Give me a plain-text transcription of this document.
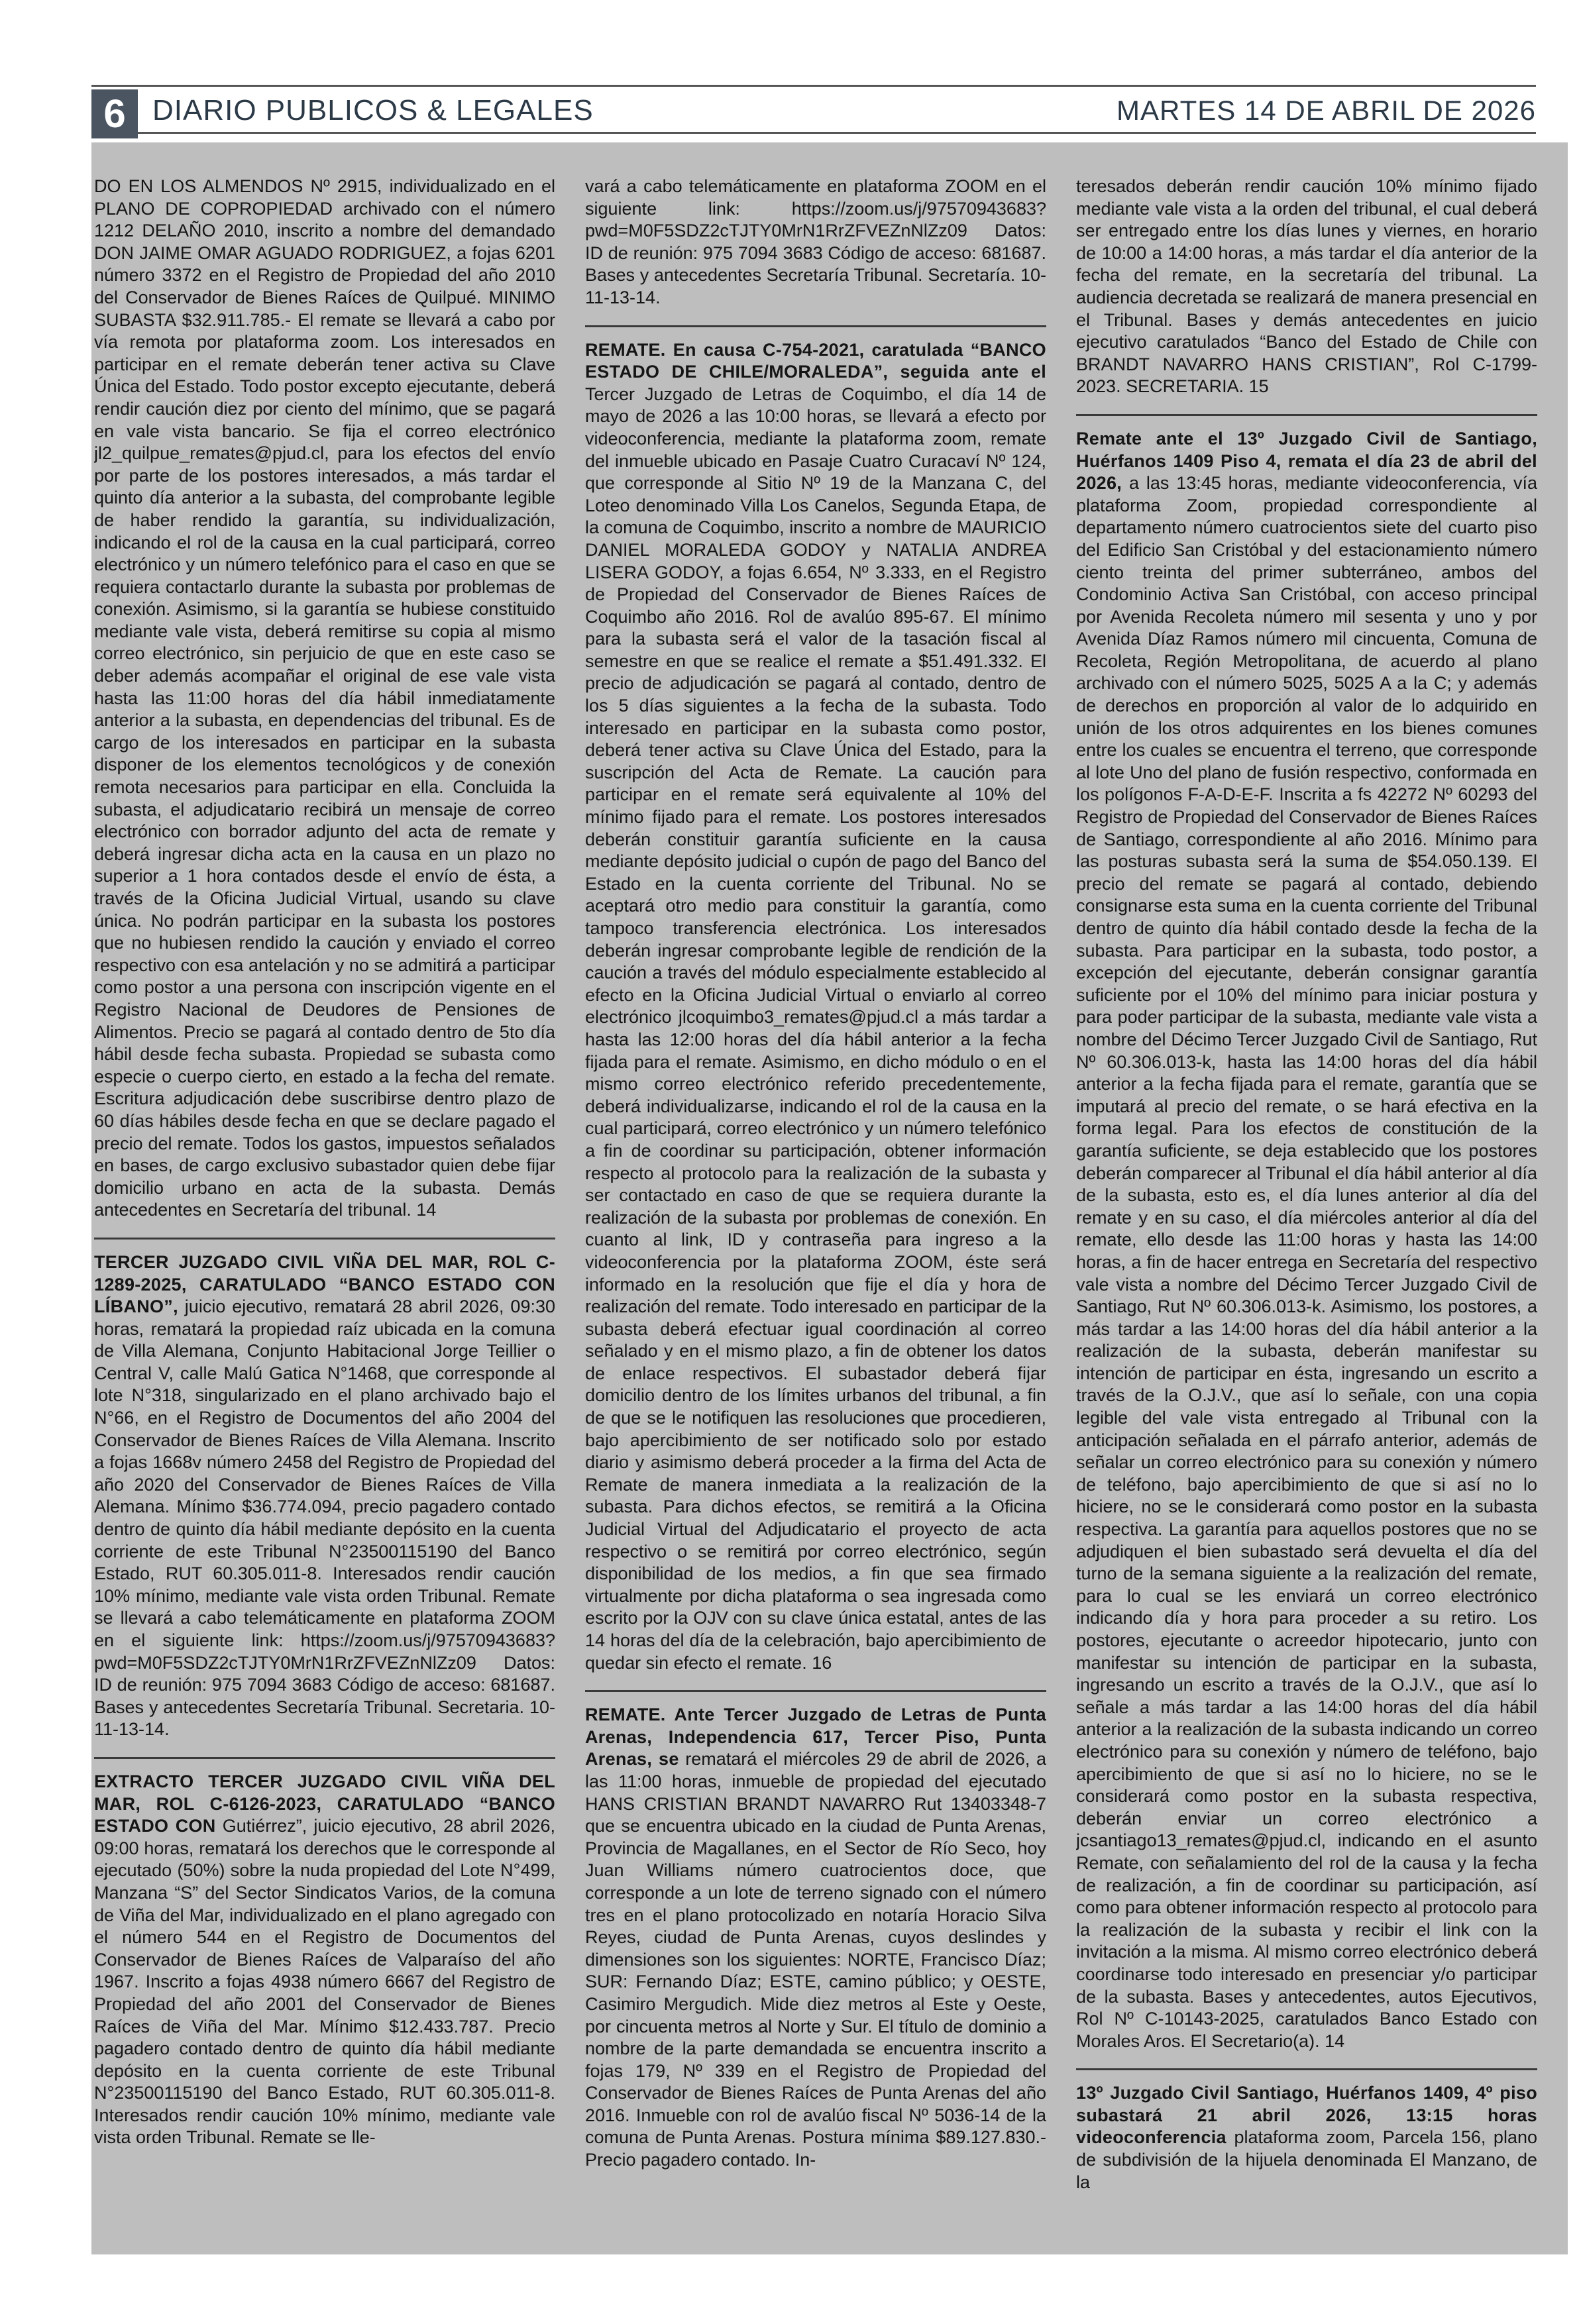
6 DIARIO PUBLICOS & LEGALES	MARTES 14 DE ABRIL DE 2026

DO EN LOS ALMENDOS Nº 2915, individualizado en el PLANO DE COPROPIEDAD archivado con el número 1212 DELAÑO 2010, inscrito a nombre del demandado DON JAIME OMAR AGUADO RODRIGUEZ, a fojas 6201 número 3372 en el Registro de Propiedad del año 2010 del Conservador de Bienes Raíces de Quilpué. MINIMO SUBASTA $32.911.785.- El remate se llevará a cabo por vía remota por plataforma zoom. Los interesados en participar en el remate deberán tener activa su Clave Única del Estado. Todo postor excepto ejecutante, deberá rendir caución diez por ciento del mínimo, que se pagará en vale vista bancario. Se fija el correo electrónico jl2_quilpue_remates@pjud.cl, para los efectos del envío por parte de los postores interesados, a más tardar el quinto día anterior a la subasta, del comprobante legible de haber rendido la garantía, su individualización, indicando el rol de la causa en la cual participará, correo electrónico y un número telefónico para el caso en que se requiera contactarlo durante la subasta por problemas de conexión. Asimismo, si la garantía se hubiese constituido mediante vale vista, deberá remitirse su copia al mismo correo electrónico, sin perjuicio de que en este caso se deber además acompañar el original de ese vale vista hasta las 11:00 horas del día hábil inmediatamente anterior a la subasta, en dependencias del tribunal. Es de cargo de los interesados en participar en la subasta disponer de los elementos tecnológicos y de conexión remota necesarios para participar en ella. Concluida la subasta, el adjudicatario recibirá un mensaje de correo electrónico con borrador adjunto del acta de remate y deberá ingresar dicha acta en la causa en un plazo no superior a 1 hora contados desde el envío de ésta, a través de la Oficina Judicial Virtual, usando su clave única. No podrán participar en la subasta los postores que no hubiesen rendido la caución y enviado el correo respectivo con esa antelación y no se admitirá a participar como postor a una persona con inscripción vigente en el Registro Nacional de Deudores de Pensiones de Alimentos. Precio se pagará al contado dentro de 5to día hábil desde fecha subasta. Propiedad se subasta como especie o cuerpo cierto, en estado a la fecha del remate. Escritura adjudicación debe suscribirse dentro plazo de 60 días hábiles desde fecha en que se declare pagado el precio del remate. Todos los gastos, impuestos señalados en bases, de cargo exclusivo subastador quien debe fijar domicilio urbano en acta de la subasta. Demás antecedentes en Secretaría del tribunal. 14

TERCER JUZGADO CIVIL VIÑA DEL MAR, ROL C-1289-2025, CARATULADO “BANCO ESTADO CON LÍBANO”, juicio ejecutivo, rematará 28 abril 2026, 09:30 horas, rematará la propiedad raíz ubicada en la comuna de Villa Alemana, Conjunto Habitacional Jorge Teillier o Central V, calle Malú Gatica N°1468, que corresponde al lote N°318, singularizado en el plano archivado bajo el N°66, en el Registro de Documentos del año 2004 del Conservador de Bienes Raíces de Villa Alemana. Inscrito a fojas 1668v número 2458 del Registro de Propiedad del año 2020 del Conservador de Bienes Raíces de Villa Alemana. Mínimo $36.774.094, precio pagadero contado dentro de quinto día hábil mediante depósito en la cuenta corriente de este Tribunal N°23500115190 del Banco Estado, RUT 60.305.011-8. Interesados rendir caución 10% mínimo, mediante vale vista orden Tribunal. Remate se llevará a cabo telemáticamente en plataforma ZOOM en el siguiente link: https://zoom.us/j/97570943683?pwd=M0F5SDZ2cTJTY0MrN1RrZFVEZnNlZz09 Datos: ID de reunión: 975 7094 3683 Código de acceso: 681687. Bases y antecedentes Secretaría Tribunal. Secretaria. 10-11-13-14.

EXTRACTO TERCER JUZGADO CIVIL VIÑA DEL MAR, ROL C-6126-2023, CARATULADO “BANCO ESTADO CON Gutiérrez”, juicio ejecutivo, 28 abril 2026, 09:00 horas, rematará los derechos que le corresponde al ejecutado (50%) sobre la nuda propiedad del Lote N°499, Manzana “S” del Sector Sindicatos Varios, de la comuna de Viña del Mar, individualizado en el plano agregado con el número 544 en el Registro de Documentos del Conservador de Bienes Raíces de Valparaíso del año 1967. Inscrito a fojas 4938 número 6667 del Registro de Propiedad del año 2001 del Conservador de Bienes Raíces de Viña del Mar. Mínimo $12.433.787. Precio pagadero contado dentro de quinto día hábil mediante depósito en la cuenta corriente de este Tribunal N°23500115190 del Banco Estado, RUT 60.305.011-8. Interesados rendir caución 10% mínimo, mediante vale vista orden Tribunal. Remate se lle-

vará a cabo telemáticamente en plataforma ZOOM en el siguiente link: https://zoom.us/j/97570943683?pwd=M0F5SDZ2cTJTY0MrN1RrZFVEZnNlZz09 Datos: ID de reunión: 975 7094 3683 Código de acceso: 681687. Bases y antecedentes Secretaría Tribunal. Secretaría. 10-11-13-14.

REMATE. En causa C-754-2021, caratulada “BANCO ESTADO DE CHILE/MORALEDA”, seguida ante el Tercer Juzgado de Letras de Coquimbo, el día 14 de mayo de 2026 a las 10:00 horas, se llevará a efecto por videoconferencia, mediante la plataforma zoom, remate del inmueble ubicado en Pasaje Cuatro Curacaví Nº 124, que corresponde al Sitio Nº 19 de la Manzana C, del Loteo denominado Villa Los Canelos, Segunda Etapa, de la comuna de Coquimbo, inscrito a nombre de MAURICIO DANIEL MORALEDA GODOY y NATALIA ANDREA LISERA GODOY, a fojas 6.654, Nº 3.333, en el Registro de Propiedad del Conservador de Bienes Raíces de Coquimbo año 2016. Rol de avalúo 895-67. El mínimo para la subasta será el valor de la tasación fiscal al semestre en que se realice el remate a $51.491.332. El precio de adjudicación se pagará al contado, dentro de los 5 días siguientes a la fecha de la subasta. Todo interesado en participar en la subasta como postor, deberá tener activa su Clave Única del Estado, para la suscripción del Acta de Remate. La caución para participar en el remate será equivalente al 10% del mínimo fijado para el remate. Los postores interesados deberán constituir garantía suficiente en la causa mediante depósito judicial o cupón de pago del Banco del Estado en la cuenta corriente del Tribunal. No se aceptará otro medio para constituir la garantía, como tampoco transferencia electrónica. Los interesados deberán ingresar comprobante legible de rendición de la caución a través del módulo especialmente establecido al efecto en la Oficina Judicial Virtual o enviarlo al correo electrónico jlcoquimbo3_remates@pjud.cl a más tardar a hasta las 12:00 horas del día hábil anterior a la fecha fijada para el remate. Asimismo, en dicho módulo o en el mismo correo electrónico referido precedentemente, deberá individualizarse, indicando el rol de la causa en la cual participará, correo electrónico y un número telefónico a fin de coordinar su participación, obtener información respecto al protocolo para la realización de la subasta y ser contactado en caso de que se requiera durante la realización de la subasta por problemas de conexión. En cuanto al link, ID y contraseña para ingreso a la videoconferencia por la plataforma ZOOM, éste será informado en la resolución que fije el día y hora de realización del remate. Todo interesado en participar de la subasta deberá efectuar igual coordinación al correo señalado y en el mismo plazo, a fin de obtener los datos de enlace respectivos. El subastador deberá fijar domicilio dentro de los límites urbanos del tribunal, a fin de que se le notifiquen las resoluciones que procedieren, bajo apercibimiento de ser notificado solo por estado diario y asimismo deberá proceder a la firma del Acta de Remate de manera inmediata a la realización de la subasta. Para dichos efectos, se remitirá a la Oficina Judicial Virtual del Adjudicatario el proyecto de acta respectivo o se remitirá por correo electrónico, según disponibilidad de los medios, a fin que sea firmado virtualmente por dicha plataforma o sea ingresada como escrito por la OJV con su clave única estatal, antes de las 14 horas del día de la celebración, bajo apercibimiento de quedar sin efecto el remate. 16

REMATE. Ante Tercer Juzgado de Letras de Punta Arenas, Independencia 617, Tercer Piso, Punta Arenas, se rematará el miércoles 29 de abril de 2026, a las 11:00 horas, inmueble de propiedad del ejecutado HANS CRISTIAN BRANDT NAVARRO Rut 13403348-7 que se encuentra ubicado en la ciudad de Punta Arenas, Provincia de Magallanes, en el Sector de Río Seco, hoy Juan Williams número cuatrocientos doce, que corresponde a un lote de terreno signado con el número tres en el plano protocolizado en notaría Horacio Silva Reyes, ciudad de Punta Arenas, cuyos deslindes y dimensiones son los siguientes: NORTE, Francisco Díaz; SUR: Fernando Díaz; ESTE, camino público; y OESTE, Casimiro Mergudich. Mide diez metros al Este y Oeste, por cincuenta metros al Norte y Sur. El título de dominio a nombre de la parte demandada se encuentra inscrito a fojas 179, Nº 339 en el Registro de Propiedad del Conservador de Bienes Raíces de Punta Arenas del año 2016. Inmueble con rol de avalúo fiscal Nº 5036-14 de la comuna de Punta Arenas. Postura mínima $89.127.830.- Precio pagadero contado. In-

teresados deberán rendir caución 10% mínimo fijado mediante vale vista a la orden del tribunal, el cual deberá ser entregado entre los días lunes y viernes, en horario de 10:00 a 14:00 horas, a más tardar el día anterior de la fecha del remate, en la secretaría del tribunal. La audiencia decretada se realizará de manera presencial en el Tribunal. Bases y demás antecedentes en juicio ejecutivo caratulados “Banco del Estado de Chile con BRANDT NAVARRO HANS CRISTIAN”, Rol C-1799-2023. SECRETARIA. 15

Remate ante el 13º Juzgado Civil de Santiago, Huérfanos 1409 Piso 4, remata el día 23 de abril del 2026, a las 13:45 horas, mediante videoconferencia, vía plataforma Zoom, propiedad correspondiente al departamento número cuatrocientos siete del cuarto piso del Edificio San Cristóbal y del estacionamiento número ciento treinta del primer subterráneo, ambos del Condominio Activa San Cristóbal, con acceso principal por Avenida Recoleta número mil sesenta y uno y por Avenida Díaz Ramos número mil cincuenta, Comuna de Recoleta, Región Metropolitana, de acuerdo al plano archivado con el número 5025, 5025 A a la C; y además de derechos en proporción al valor de lo adquirido en unión de los otros adquirentes en los bienes comunes entre los cuales se encuentra el terreno, que corresponde al lote Uno del plano de fusión respectivo, conformada en los polígonos F-A-D-E-F. Inscrita a fs 42272 Nº 60293 del Registro de Propiedad del Conservador de Bienes Raíces de Santiago, correspondiente al año 2016. Mínimo para las posturas subasta será la suma de $54.050.139. El precio del remate se pagará al contado, debiendo consignarse esta suma en la cuenta corriente del Tribunal dentro de quinto día hábil contado desde la fecha de la subasta. Para participar en la subasta, todo postor, a excepción del ejecutante, deberán consignar garantía suficiente por el 10% del mínimo para iniciar postura y para poder participar de la subasta, mediante vale vista a nombre del Décimo Tercer Juzgado Civil de Santiago, Rut Nº 60.306.013-k, hasta las 14:00 horas del día hábil anterior a la fecha fijada para el remate, garantía que se imputará al precio del remate, o se hará efectiva en la forma legal. Para los efectos de constitución de la garantía suficiente, se deja establecido que los postores deberán comparecer al Tribunal el día hábil anterior al día de la subasta, esto es, el día lunes anterior al día del remate y en su caso, el día miércoles anterior al día del remate, ello desde las 11:00 horas y hasta las 14:00 horas, a fin de hacer entrega en Secretaría del respectivo vale vista a nombre del Décimo Tercer Juzgado Civil de Santiago, Rut Nº 60.306.013-k. Asimismo, los postores, a más tardar a las 14:00 horas del día hábil anterior a la realización de la subasta, deberán manifestar su intención de participar en ésta, ingresando un escrito a través de la O.J.V., que así lo señale, con una copia legible del vale vista entregado al Tribunal con la anticipación señalada en el párrafo anterior, además de señalar un correo electrónico para su conexión y número de teléfono, bajo apercibimiento de que si así no lo hiciere, no se le considerará como postor en la subasta respectiva. La garantía para aquellos postores que no se adjudiquen el bien subastado será devuelta el día del turno de la semana siguiente a la realización del remate, para lo cual se les enviará un correo electrónico indicando día y hora para proceder a su retiro. Los postores, ejecutante o acreedor hipotecario, junto con manifestar su intención de participar en la subasta, ingresando un escrito a través de la O.J.V., que así lo señale a más tardar a las 14:00 horas del día hábil anterior a la realización de la subasta indicando un correo electrónico para su conexión y número de teléfono, bajo apercibimiento de que si así no lo hiciere, no se le considerará como postor en la subasta respectiva, deberán enviar un correo electrónico a jcsantiago13_remates@pjud.cl, indicando en el asunto Remate, con señalamiento del rol de la causa y la fecha de realización, a fin de coordinar su participación, así como para obtener información respecto al protocolo para la realización de la subasta y recibir el link con la invitación a la misma. Al mismo correo electrónico deberá coordinarse todo interesado en presenciar y/o participar de la subasta. Bases y antecedentes, autos Ejecutivos, Rol Nº C-10143-2025, caratulados Banco Estado con Morales Aros. El Secretario(a). 14

13º Juzgado Civil Santiago, Huérfanos 1409, 4º piso subastará 21 abril 2026, 13:15 horas videoconferencia plataforma zoom, Parcela 156, plano de subdivisión de la hijuela denominada El Manzano, de la
